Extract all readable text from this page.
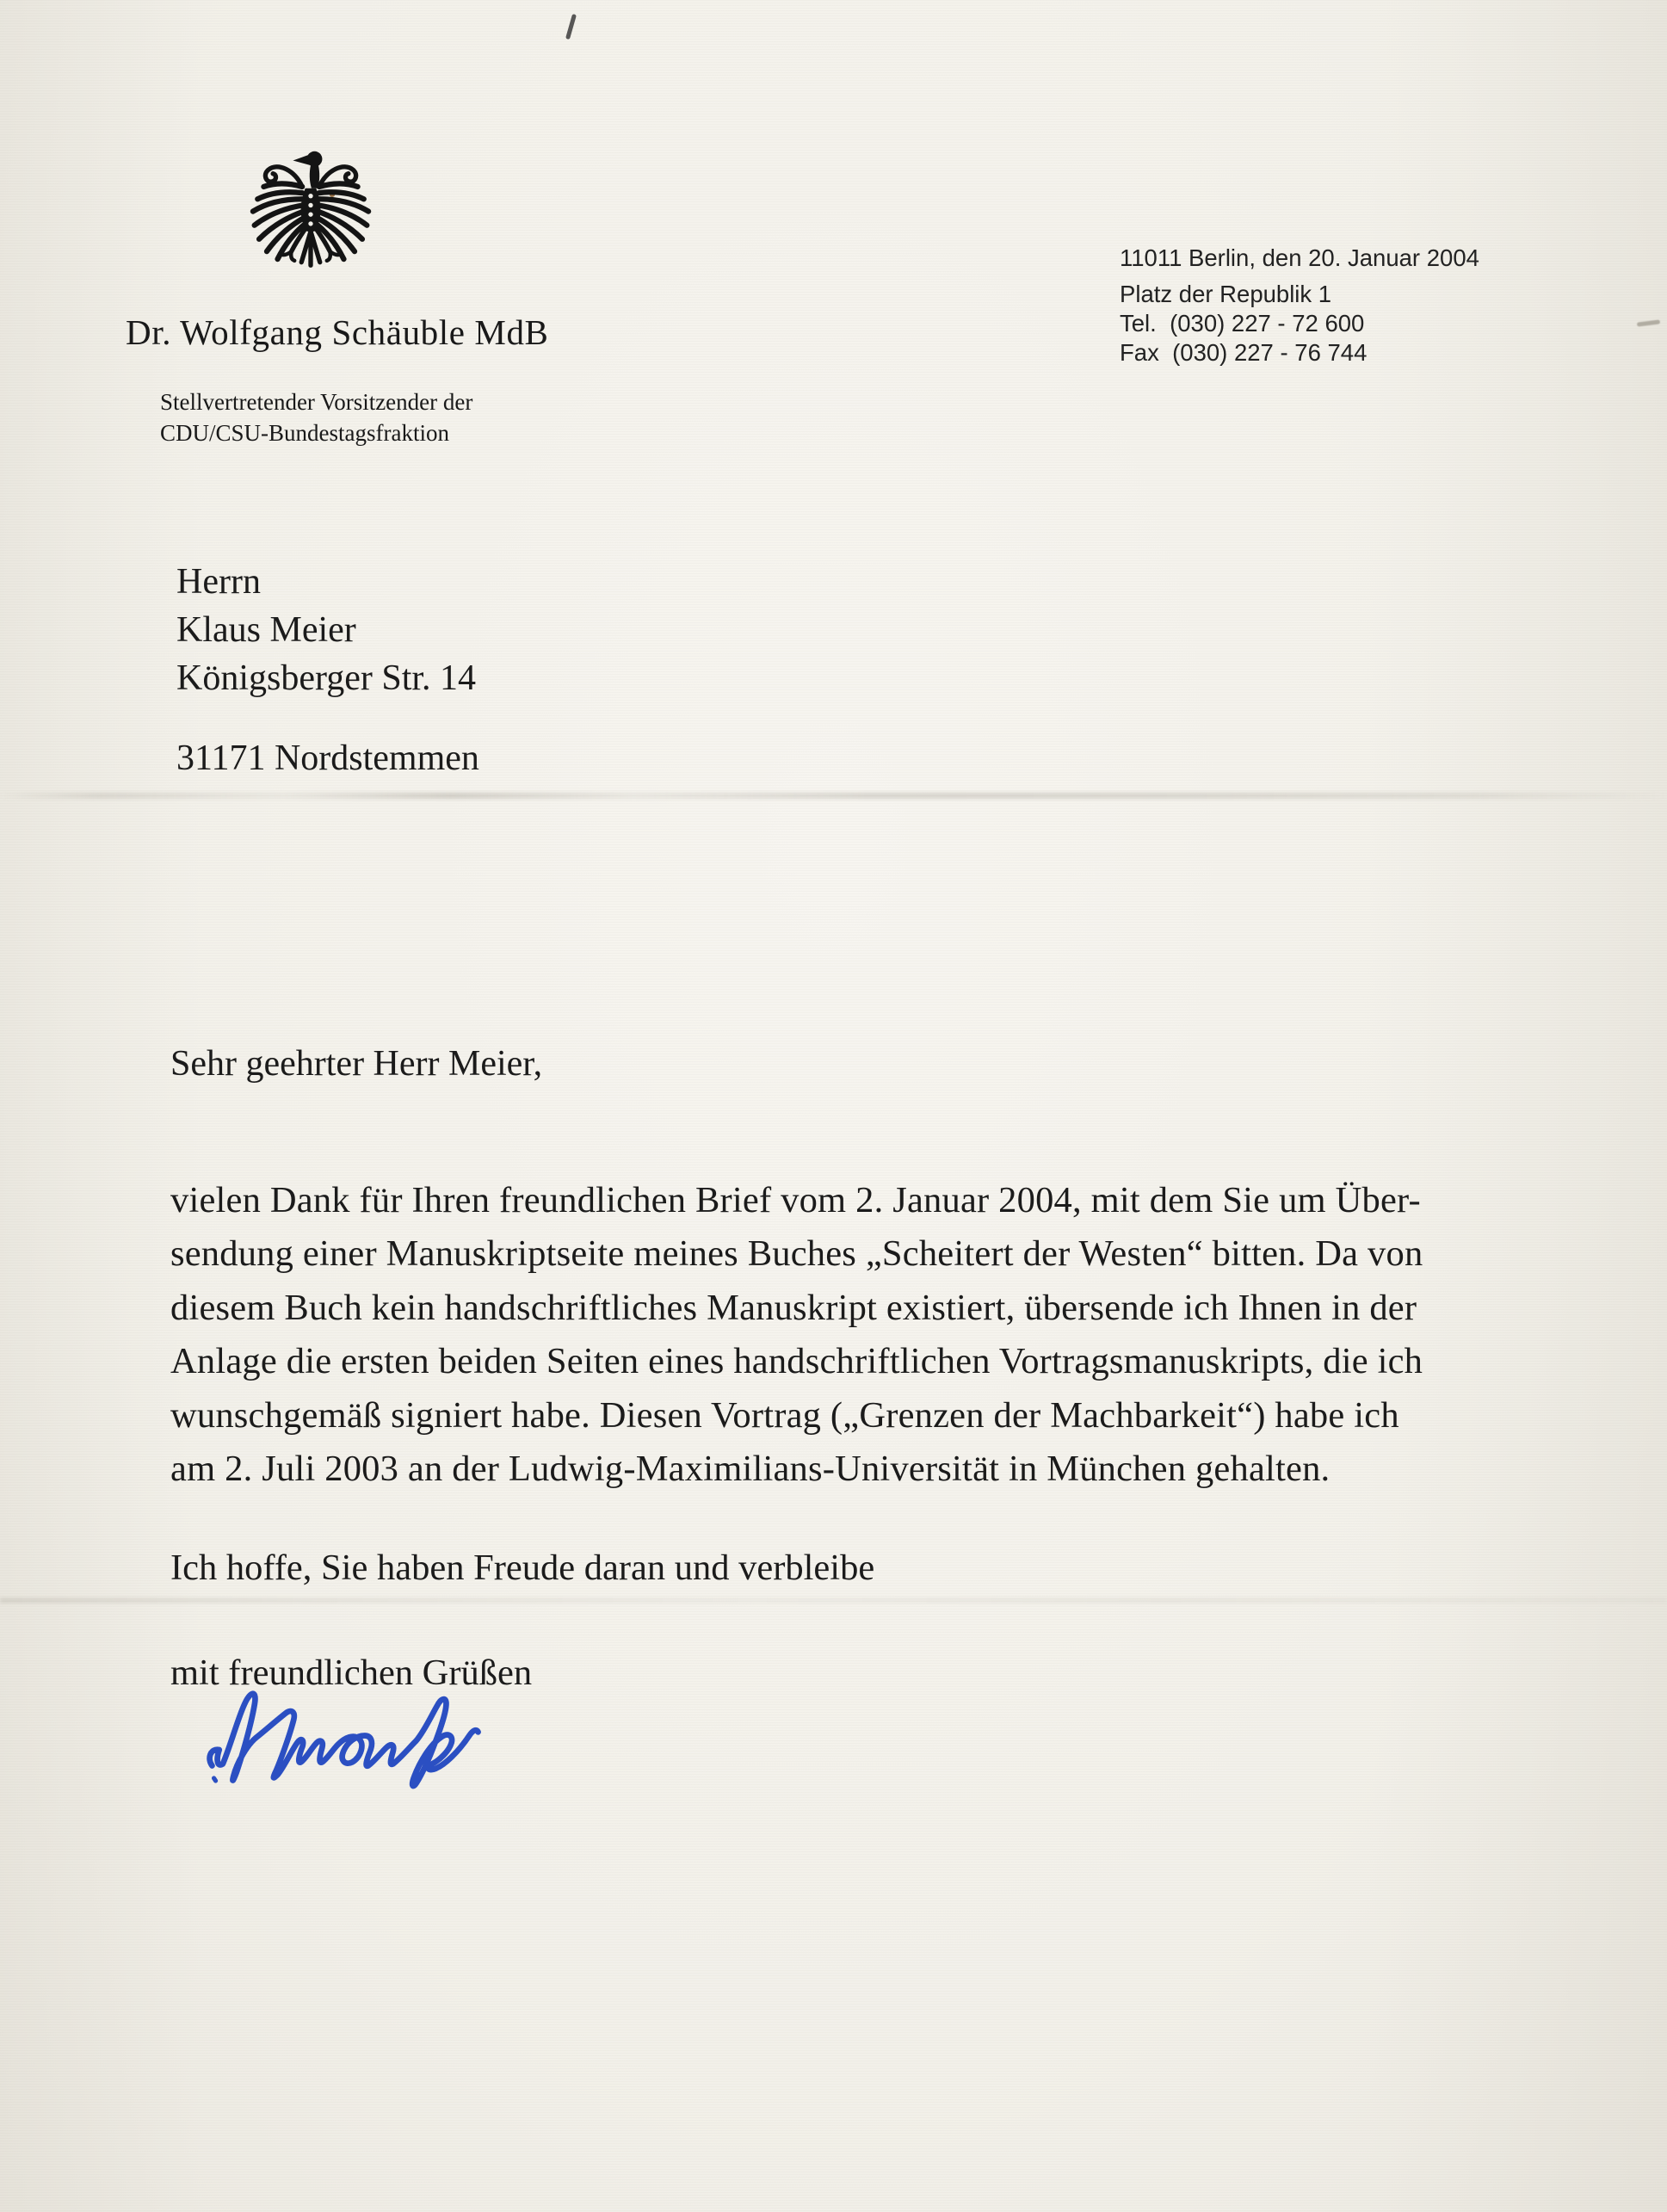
Dr. Wolfgang Schäuble MdB
Stellvertretender Vorsitzender der
CDU/CSU-Bundestagsfraktion
11011 Berlin, den 20. Januar 2004
Platz der Republik 1
Tel.  (030) 227 - 72 600
Fax  (030) 227 - 76 744
Herrn
Klaus Meier
Königsberger Str. 14
31171 Nordstemmen
Sehr geehrter Herr Meier,
vielen Dank für Ihren freundlichen Brief vom 2. Januar 2004, mit dem Sie um Über-
sendung einer Manuskriptseite meines Buches „Scheitert der Westen“ bitten. Da von
diesem Buch kein handschriftliches Manuskript existiert, übersende ich Ihnen in der
Anlage die ersten beiden Seiten eines handschriftlichen Vortragsmanuskripts, die ich
wunschgemäß signiert habe. Diesen Vortrag („Grenzen der Machbarkeit“) habe ich
am 2. Juli 2003 an der Ludwig-Maximilians-Universität in München gehalten.
Ich hoffe, Sie haben Freude daran und verbleibe
mit freundlichen Grüßen
